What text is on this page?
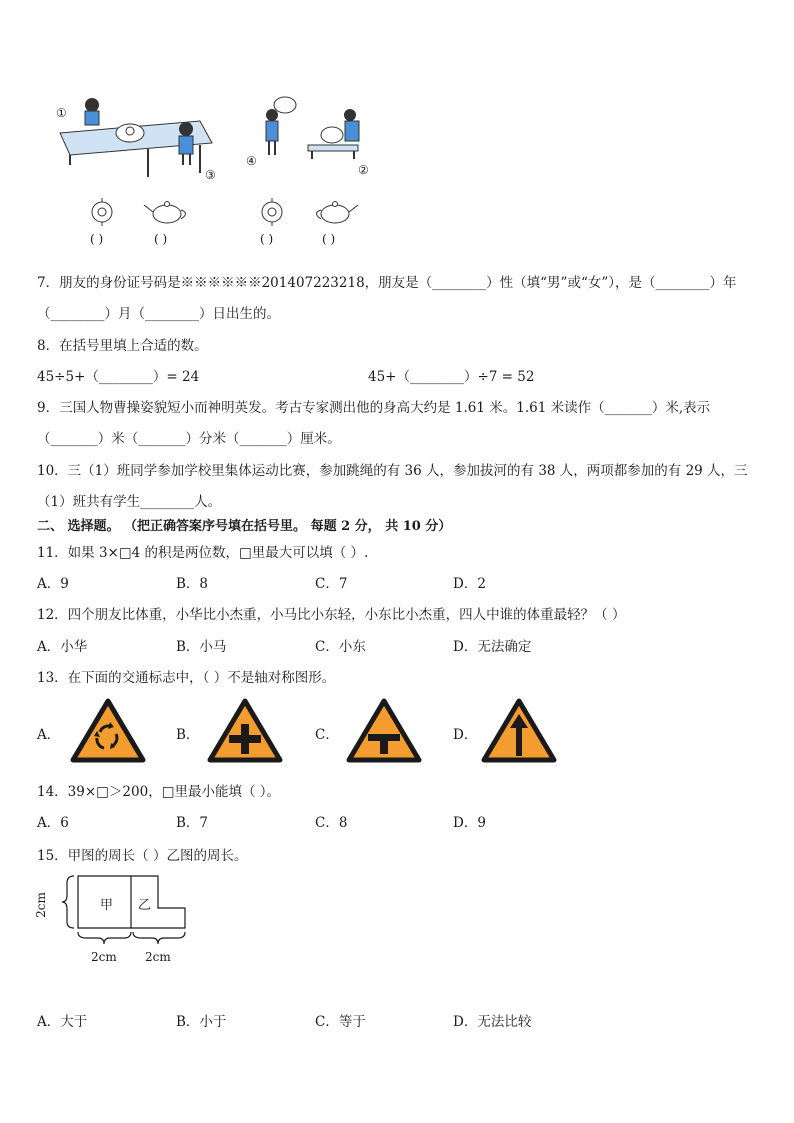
①
③
④
②
( )	( )	( )	( )
7．朋友的身份证号码是※※※※※※201407223218，朋友是（________）性（填“男”或“女”），是（________）年
（________）月（________）日出生的。
8．在括号里填上合适的数。
45÷5+（________）= 24	45+（________）÷7 = 52
9．三国人物曹操姿貌短小而神明英发。考古专家测出他的身高大约是 1.61 米。1.61 米读作（_______）米,表示
（_______）米（_______）分米（_______）厘米。
10．三（1）班同学参加学校里集体运动比赛，参加跳绳的有 36 人，参加拔河的有 38 人，两项都参加的有 29 人，三
（1）班共有学生________人。
二、 选择题。 （把正确答案序号填在括号里。 每题 2 分， 共 10 分）
11．如果 3×□4 的积是两位数，□里最大可以填（ ）.
A．9	B．8	C．7	D．2
12．四个朋友比体重，小华比小杰重，小马比小东轻，小东比小杰重，四人中谁的体重最轻？（ ）
A．小华	B．小马	C．小东	D．无法确定
13．在下面的交通标志中，（ ）不是轴对称图形。
A．	B．	C．	D．
14．39×□＞200，□里最小能填（ ）。
A．6	B．7	C．8	D．9
15．甲图的周长（ ）乙图的周长。
甲 乙
2cm
2cm 2cm
A．大于	B．小于	C．等于	D．无法比较
